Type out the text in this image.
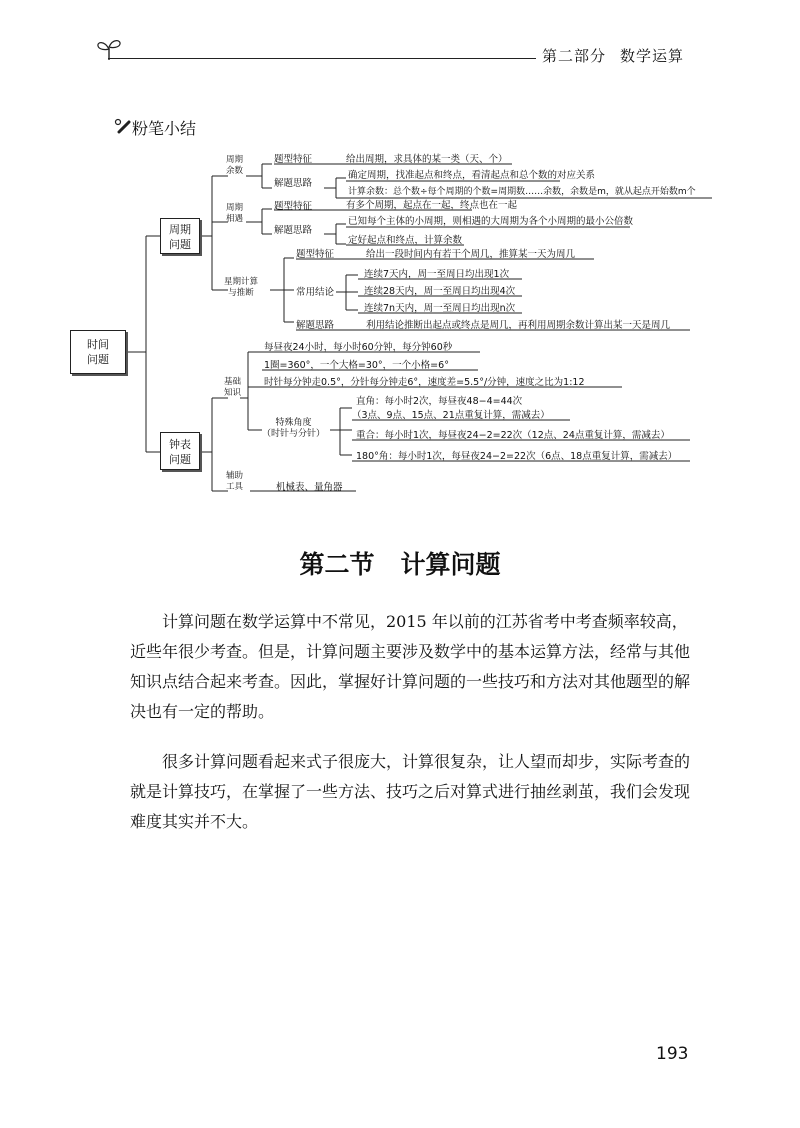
第二部分 数学运算
粉笔小结
时间
问题
周期
问题
钟表
问题
周期
余数
题型特征	给出周期，求具体的某一类（天、个）
解题思路
确定周期，找准起点和终点，看清起点和总个数的对应关系
计算余数：总个数÷每个周期的个数=周期数……余数，余数是m，就从起点开始数m个
周期
相遇
题型特征	有多个周期，起点在一起，终点也在一起
解题思路
已知每个主体的小周期，则相遇的大周期为各个小周期的最小公倍数
定好起点和终点，计算余数
星期计算
与推断
题型特征	给出一段时间内有若干个周几，推算某一天为周几
常用结论
连续7天内，周一至周日均出现1次
连续28天内，周一至周日均出现4次
连续7n天内，周一至周日均出现n次
解题思路	利用结论推断出起点或终点是周几，再利用周期余数计算出某一天是周几
基础
知识
每昼夜24小时，每小时60分钟，每分钟60秒
1圈=360°，一个大格=30°，一个小格=6°
时针每分钟走0.5°，分针每分钟走6°，速度差=5.5°/分钟，速度之比为1:12
特殊角度
（时针与分针）
直角：每小时2次，每昼夜48−4=44次
（3点、9点、15点、21点重复计算，需减去）
重合：每小时1次，每昼夜24−2=22次（12点、24点重复计算，需减去）
180°角：每小时1次，每昼夜24−2=22次（6点、18点重复计算，需减去）
辅助
工具	机械表、量角器
第二节 计算问题
计算问题在数学运算中不常见，2015 年以前的江苏省考中考查频率较高，近些年很少考查。但是，计算问题主要涉及数学中的基本运算方法，经常与其他知识点结合起来考查。因此，掌握好计算问题的一些技巧和方法对其他题型的解决也有一定的帮助。
很多计算问题看起来式子很庞大，计算很复杂，让人望而却步，实际考查的就是计算技巧，在掌握了一些方法、技巧之后对算式进行抽丝剥茧，我们会发现难度其实并不大。
193
